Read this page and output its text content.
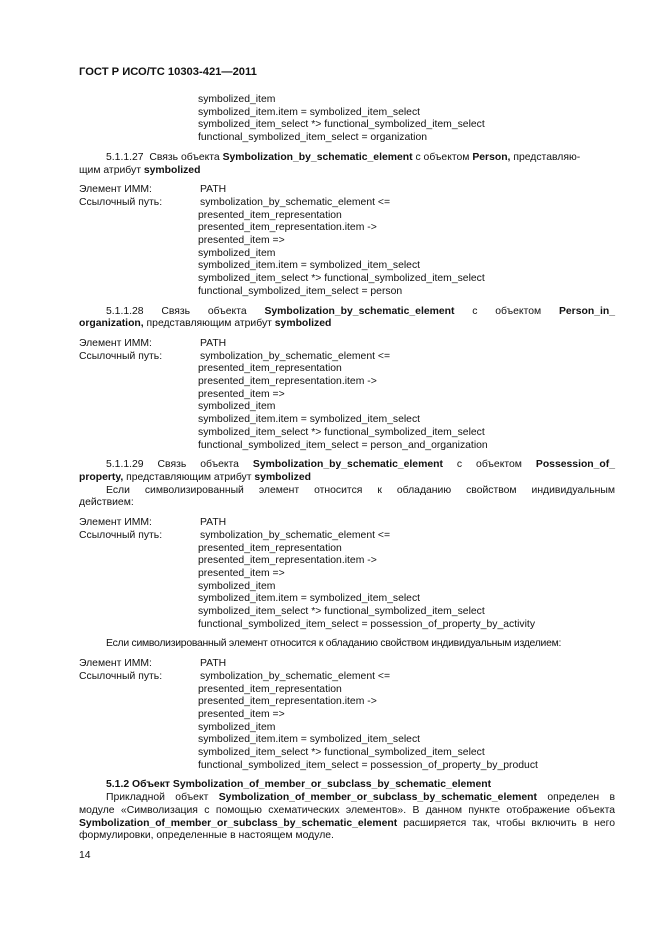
ГОСТ Р ИСО/ТС 10303-421—2011
symbolized_item
symbolized_item.item = symbolized_item_select
symbolized_item_select *> functional_symbolized_item_select
functional_symbolized_item_select = organization
5.1.1.27 Связь объекта Symbolization_by_schematic_element с объектом Person, представляю-
щим атрибут symbolized
Элемент ИММ:	PATH
Ссылочный путь:	symbolization_by_schematic_element <=
presented_item_representation
presented_item_representation.item ->
presented_item =>
symbolized_item
symbolized_item.item = symbolized_item_select
symbolized_item_select *> functional_symbolized_item_select
functional_symbolized_item_select = person
5.1.1.28 Связь объекта Symbolization_by_schematic_element с объектом Person_in_
organization, представляющим атрибут symbolized
Элемент ИММ:	PATH
Ссылочный путь:	symbolization_by_schematic_element <=
presented_item_representation
presented_item_representation.item ->
presented_item =>
symbolized_item
symbolized_item.item = symbolized_item_select
symbolized_item_select *> functional_symbolized_item_select
functional_symbolized_item_select = person_and_organization
5.1.1.29 Связь объекта Symbolization_by_schematic_element с объектом Possession_of_
property, представляющим атрибут symbolized
Если символизированный элемент относится к обладанию свойством индивидуальным
действием:
Элемент ИММ:	PATH
Ссылочный путь:	symbolization_by_schematic_element <=
presented_item_representation
presented_item_representation.item ->
presented_item =>
symbolized_item
symbolized_item.item = symbolized_item_select
symbolized_item_select *> functional_symbolized_item_select
functional_symbolized_item_select = possession_of_property_by_activity
Если символизированный элемент относится к обладанию свойством индивидуальным изделием:
Элемент ИММ:	PATH
Ссылочный путь:	symbolization_by_schematic_element <=
presented_item_representation
presented_item_representation.item ->
presented_item =>
symbolized_item
symbolized_item.item = symbolized_item_select
symbolized_item_select *> functional_symbolized_item_select
functional_symbolized_item_select = possession_of_property_by_product
5.1.2 Объект Symbolization_of_member_or_subclass_by_schematic_element
Прикладной объект Symbolization_of_member_or_subclass_by_schematic_element определен в модуле «Символизация с помощью схематических элементов». В данном пункте отображение объекта Symbolization_of_member_or_subclass_by_schematic_element расширяется так, чтобы включить в него формулировки, определенные в настоящем модуле.
14
